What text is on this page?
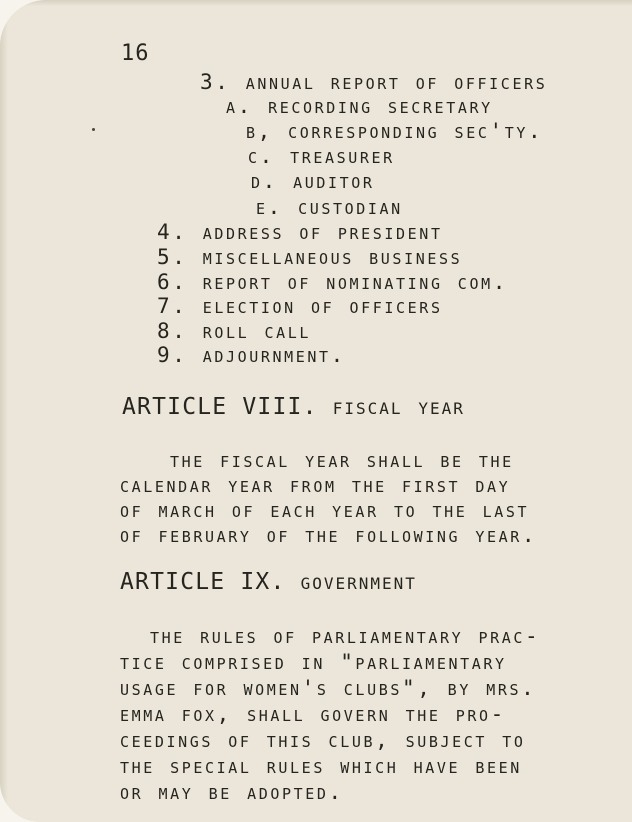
16

3. annual report of officers

a. recording secretary

b, corresponding sec'ty.

c. treasurer

d. auditor

e. custodian

4. address of president

5. miscellaneous business

6. report of nominating com.

7. election of officers

8. roll call

9. adjournment.

ARTICLE VIII. fiscal year

the fiscal year shall be the
calendar year from the first day
of march of each year to the last
of february of the following year.

ARTICLE IX. government

the rules of parliamentary prac-
tice comprised in "parliamentary
usage for women's clubs", by mrs.
emma fox, shall govern the pro-
ceedings of this club, subject to
the special rules which have been
or may be adopted.
